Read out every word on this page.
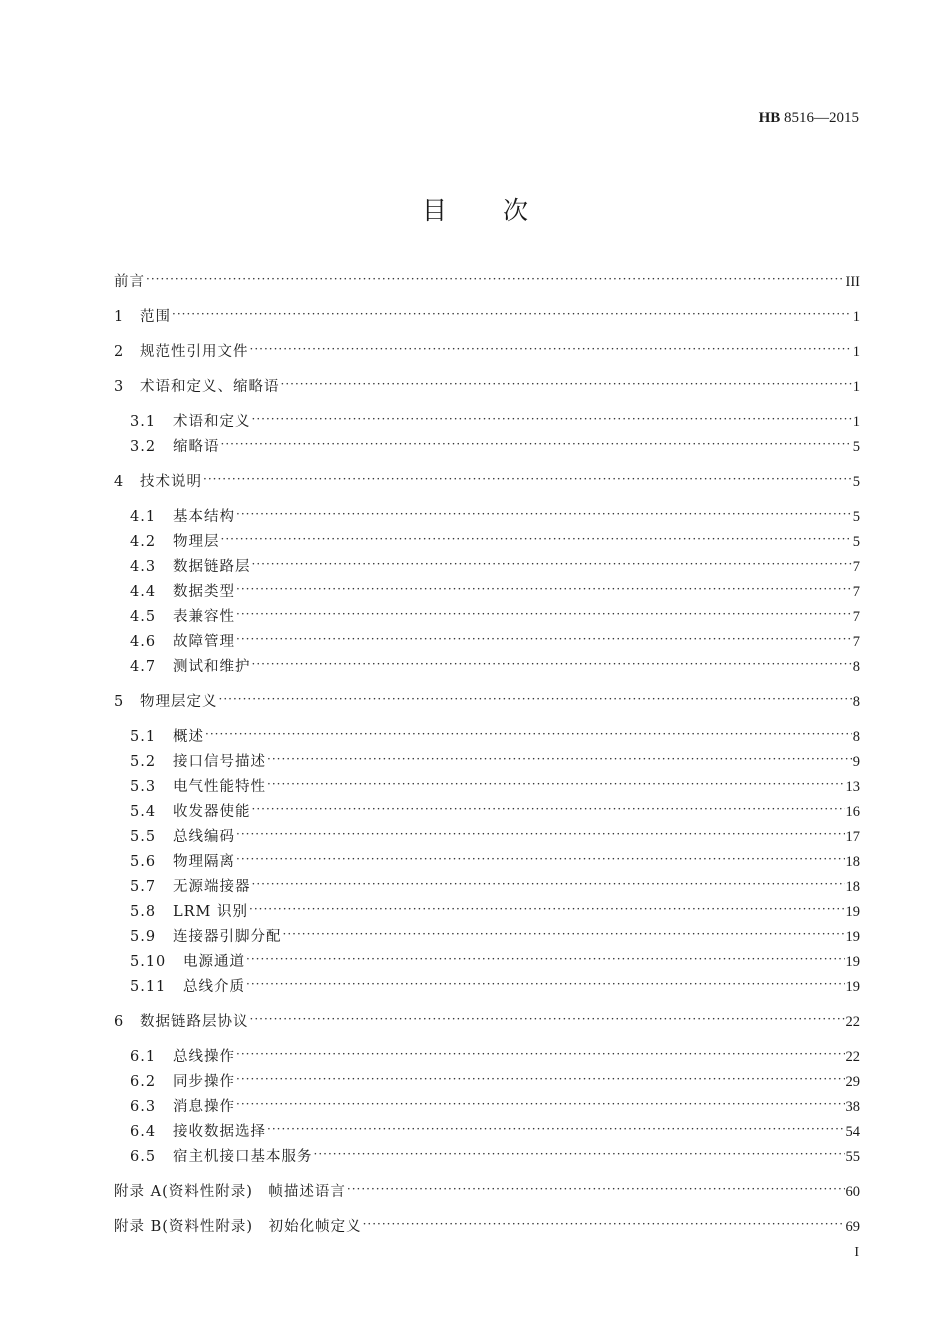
HB 8516—2015
目次
前言 ·····	III
1	范围 ·····	1
2	规范性引用文件 ·····	1
3	术语和定义、缩略语 ·····	1
3.1	术语和定义 ·····	1
3.2	缩略语 ·····	5
4	技术说明 ·····	5
4.1	基本结构 ·····	5
4.2	物理层 ·····	5
4.3	数据链路层 ·····	7
4.4	数据类型 ·····	7
4.5	表兼容性 ·····	7
4.6	故障管理 ·····	7
4.7	测试和维护 ·····	8
5	物理层定义 ·····	8
5.1	概述 ·····	8
5.2	接口信号描述 ·····	9
5.3	电气性能特性 ·····	13
5.4	收发器使能 ·····	16
5.5	总线编码 ·····	17
5.6	物理隔离 ·····	18
5.7	无源端接器 ·····	18
5.8	LRM 识别 ·····	19
5.9	连接器引脚分配 ·····	19
5.10	电源通道 ·····	19
5.11	总线介质 ·····	19
6	数据链路层协议 ·····	22
6.1	总线操作 ·····	22
6.2	同步操作 ·····	29
6.3	消息操作 ·····	38
6.4	接收数据选择 ·····	54
6.5	宿主机接口基本服务 ·····	55
附录 A(资料性附录)　帧描述语言 ·····	60
附录 B(资料性附录)　初始化帧定义 ·····	69
I
